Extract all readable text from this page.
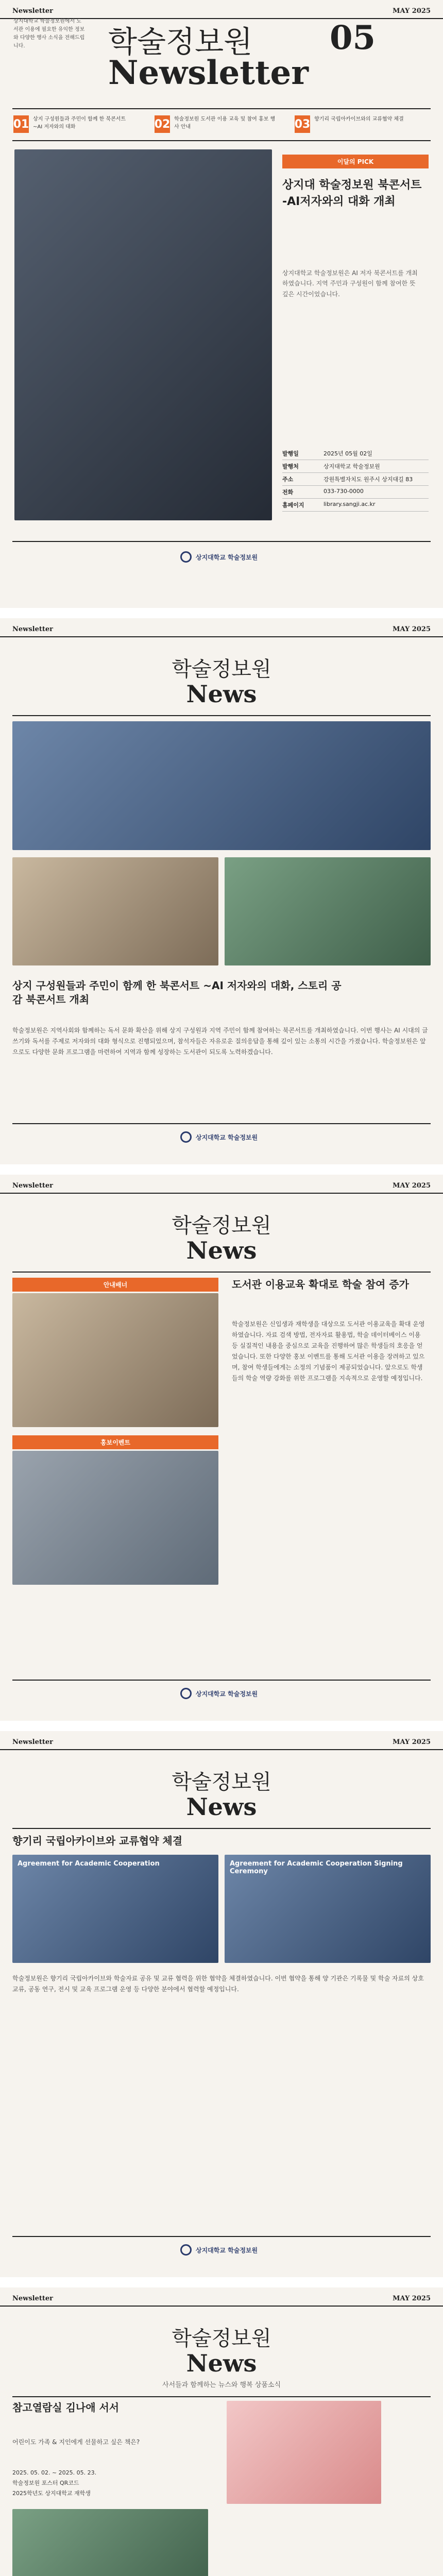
Newsletter	MAY 2025
상지대학교 학술정보원에서 도서관 이용에 필요한 유익한 정보와 다양한 행사 소식을 전해드립니다.	학술정보원 05
Newsletter
01 상지 구성원들과 주민이 함께 한 북콘서트 ~AI 저자와의 대화	02 학술정보원 도서관 이용 교육 및 참여 홍보 행사 안내	03 향기리 국립아카이브와의 교류협약 체결
이달의 PICK
상지대 학술정보원 북콘서트 -AI저자와의 대화 개최
상지대학교 학술정보원은 AI 저자 북콘서트를 개최하였습니다. 지역 주민과 구성원이 함께 참여한 뜻깊은 시간이었습니다.
발행일	2025년 05월 02일
발행처	상지대학교 학술정보원
주소	강원특별자치도 원주시 상지대길 83
전화	033-730-0000
홈페이지	library.sangji.ac.kr
상지대학교 학술정보원
Newsletter	MAY 2025
학술정보원
News
상지 구성원들과 주민이 함께 한 북콘서트 ~AI 저자와의 대화, 스토리 공감 북콘서트 개최
학술정보원은 지역사회와 함께하는 독서 문화 확산을 위해 상지 구성원과 지역 주민이 함께 참여하는 북콘서트를 개최하였습니다. 이번 행사는 AI 시대의 글쓰기와 독서를 주제로 저자와의 대화 형식으로 진행되었으며, 참석자들은 자유로운 질의응답을 통해 깊이 있는 소통의 시간을 가졌습니다. 학술정보원은 앞으로도 다양한 문화 프로그램을 마련하여 지역과 함께 성장하는 도서관이 되도록 노력하겠습니다.
상지대학교 학술정보원
Newsletter	MAY 2025
학술정보원
News
안내배너
홍보이벤트
도서관 이용교육 확대로 학술 참여 증가
학술정보원은 신입생과 재학생을 대상으로 도서관 이용교육을 확대 운영하였습니다. 자료 검색 방법, 전자자료 활용법, 학술 데이터베이스 이용 등 실질적인 내용을 중심으로 교육을 진행하여 많은 학생들의 호응을 얻었습니다. 또한 다양한 홍보 이벤트를 통해 도서관 이용을 장려하고 있으며, 참여 학생들에게는 소정의 기념품이 제공되었습니다. 앞으로도 학생들의 학술 역량 강화를 위한 프로그램을 지속적으로 운영할 예정입니다.
상지대학교 학술정보원
Newsletter	MAY 2025
학술정보원
News
향기리 국립아카이브와 교류협약 체결
Agreement for Academic Cooperation	Agreement for Academic Cooperation Signing Ceremony
학술정보원은 향기리 국립아카이브와 학술자료 공유 및 교류 협력을 위한 협약을 체결하였습니다. 이번 협약을 통해 양 기관은 기록물 및 학술 자료의 상호 교류, 공동 연구, 전시 및 교육 프로그램 운영 등 다양한 분야에서 협력할 예정입니다.
상지대학교 학술정보원
Newsletter	MAY 2025
학술정보원
News
사서들과 함께하는 뉴스와 행복 상품소식
참고열람실 김나애 서서
어린이도 가족 & 지인에게 선물하고 싶은 책은?
2025. 05. 02. ~ 2025. 05. 23.
학술정보원 포스터 QR코드
2025학년도 상지대학교 재학생
